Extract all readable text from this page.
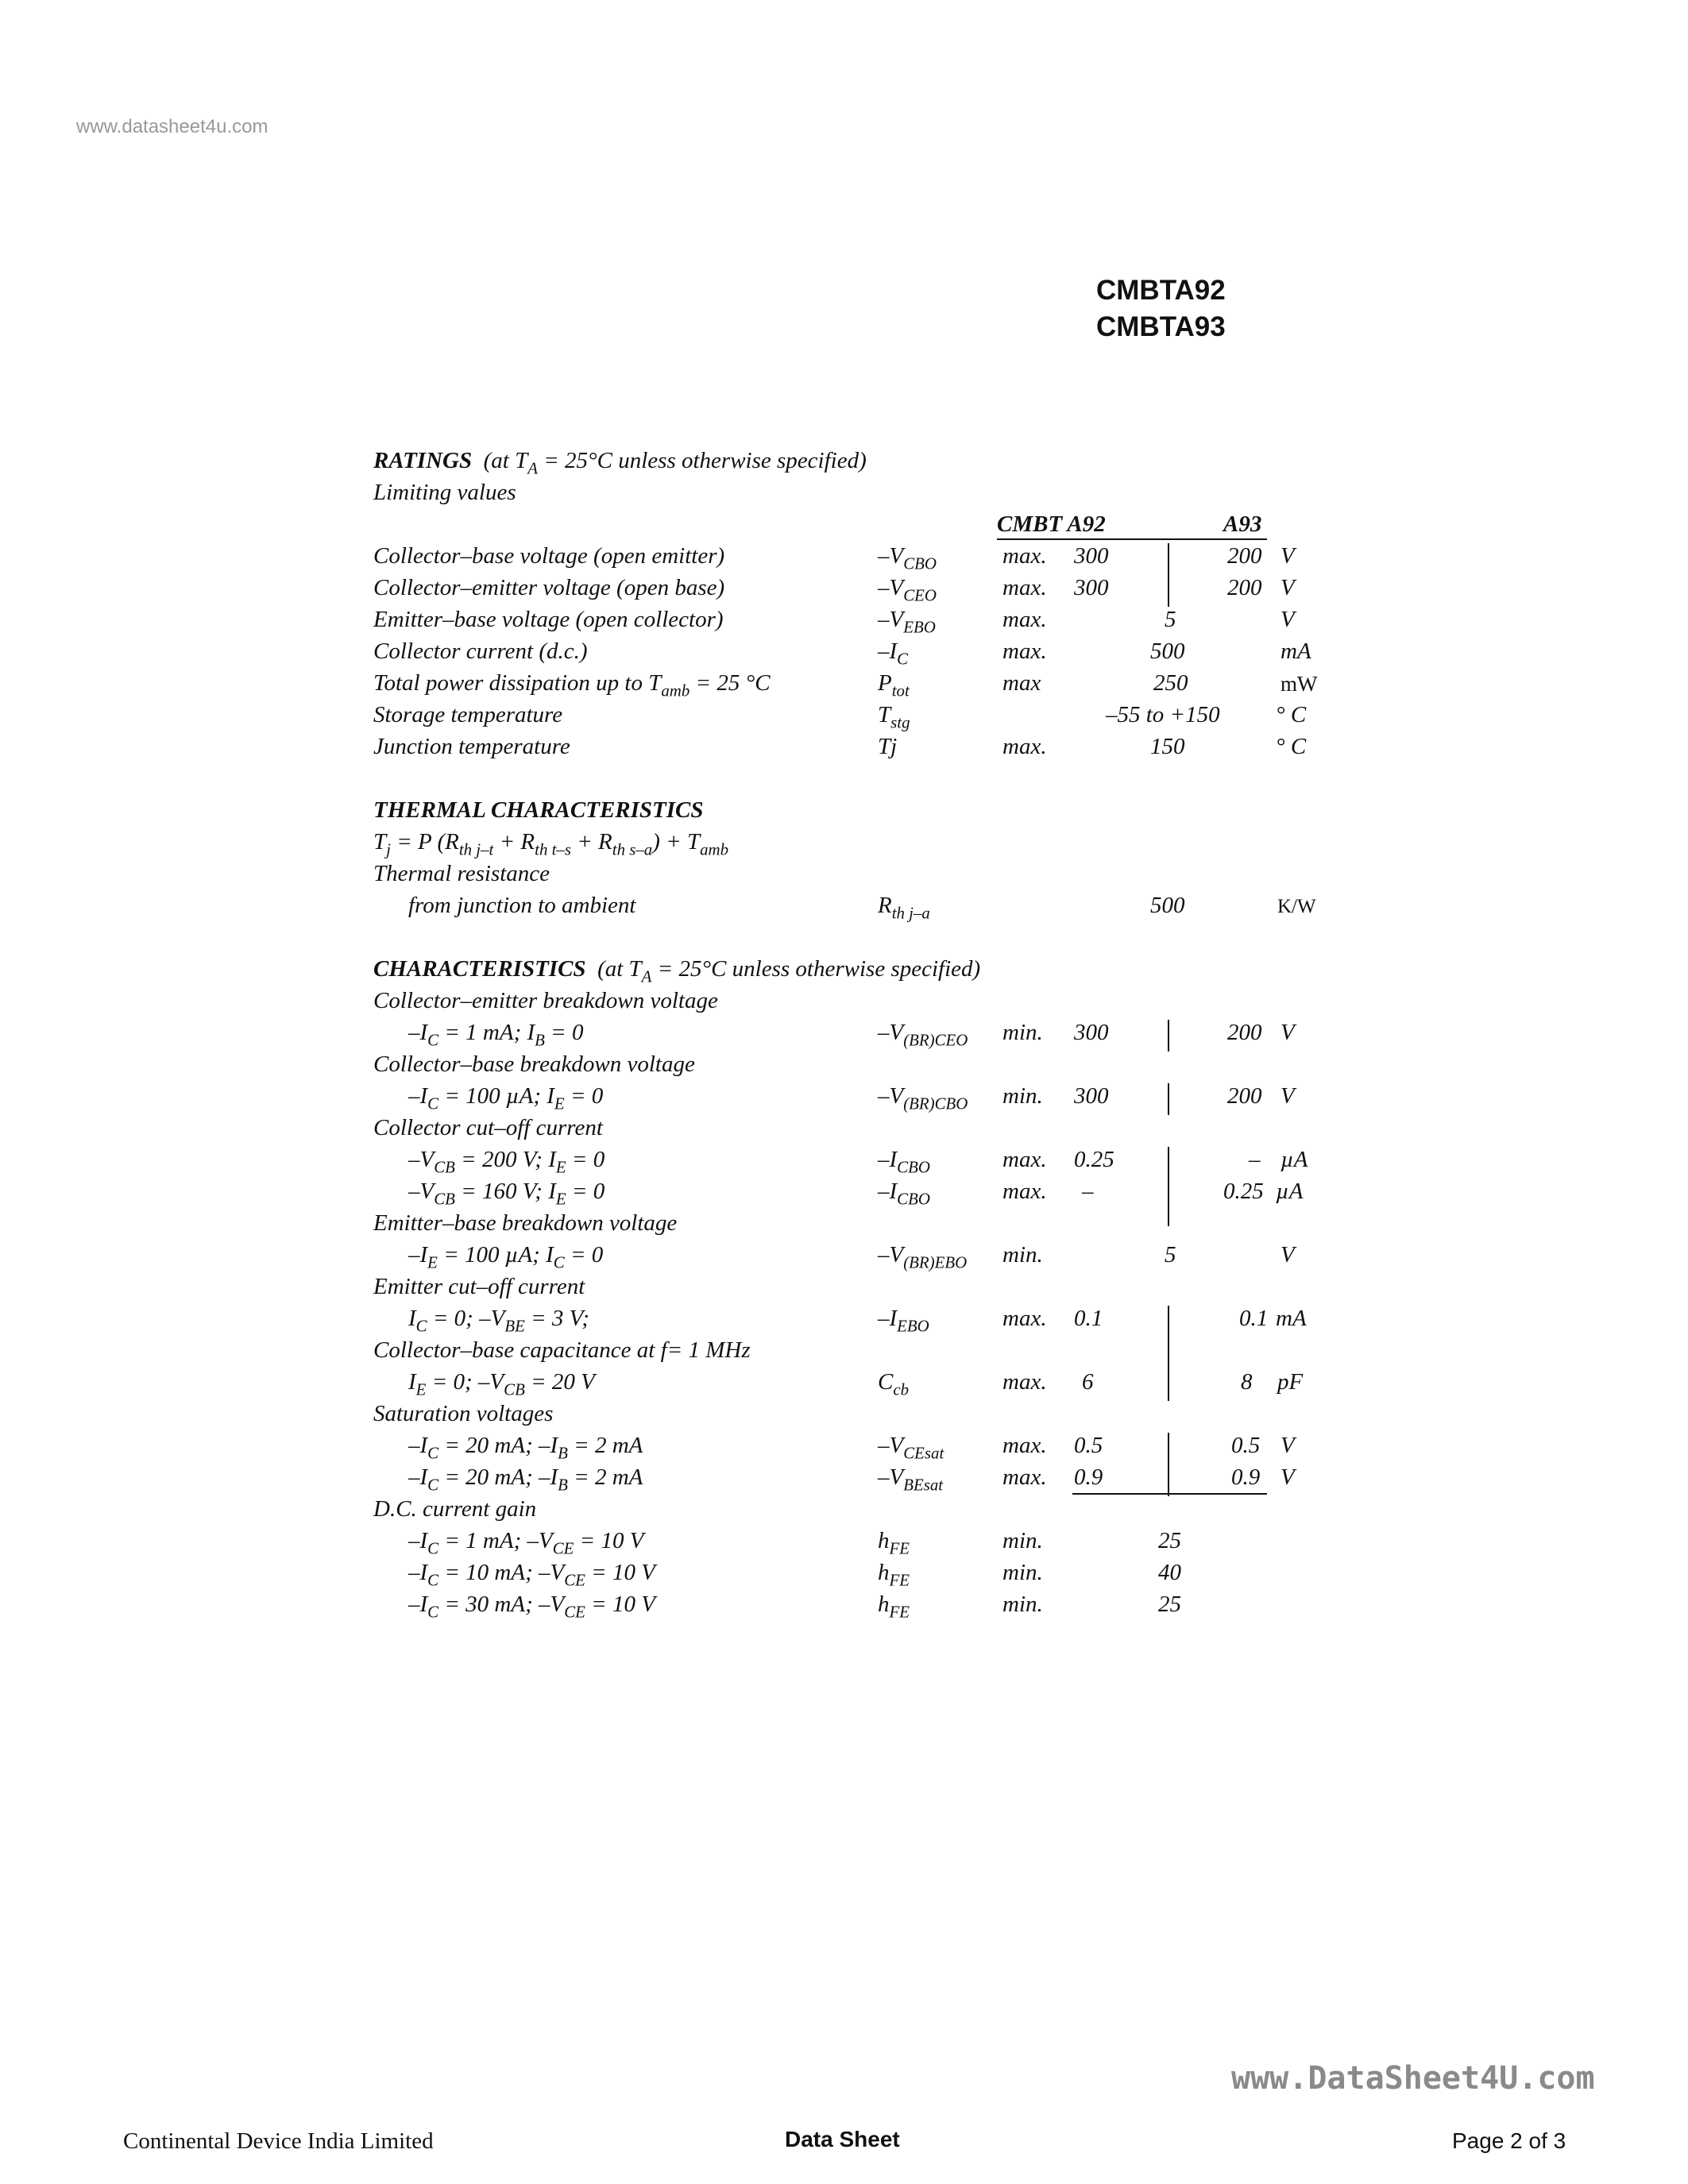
www.datasheet4u.com
CMBTA92
CMBTA93
RATINGS (at $T_A = 25^\circ C$ unless otherwise specified)
Limiting values
CMBT A92	A93
Collector–base voltage (open emitter)	$-V_{CBO}$	max. 300	200 V
Collector–emitter voltage (open base)	$-V_{CEO}$	max. 300	200 V
Emitter–base voltage (open collector)	$-V_{EBO}$	max.	5	V
Collector current (d.c.)	$-I_C$	max.	500	mA
Total power dissipation up to $T_{amb} = 25$ °C	$P_{tot}$	max	250	mW
Storage temperature	$T_{stg}$	–55 to +150 ° C
Junction temperature	Tj	max.	150	° C
THERMAL CHARACTERISTICS
$T_j = P$ $(R_{th j-t} + R_{th t-s} + R_{th s-a}) + T_{amb}$
Thermal resistance
from junction to ambient	$R_{th j-a}$	500	K/W
CHARACTERISTICS (at $T_A = 25^\circ C$ unless otherwise specified)
Collector–emitter breakdown voltage
$-I_C = 1$ mA; $I_B = 0$	$-V_{(BR)CEO}$ min. 300	200 V
Collector–base breakdown voltage
$-I_C = 100$ µA; $I_E = 0$	$-V_{(BR)CBO}$ min. 300	200 V
Collector cut–off current
$-V_{CB} = 200$ V; $I_E = 0$	$-I_{CBO}$	max. 0.25	– µA
$-V_{CB} = 160$ V; $I_E = 0$	$-I_{CBO}$	max. –	0.25 µA
Emitter–base breakdown voltage
$-I_E = 100$ µA; $I_C = 0$	$-V_{(BR)EBO}$ min.	5	V
Emitter cut–off current
$I_C = 0$; $-V_{BE} = 3$ V;	$-I_{EBO}$	max. 0.1	0.1 mA
Collector–base capacitance at f= 1 MHz
$I_E = 0$; $-V_{CB} = 20$ V	$C_{cb}$	max. 6	8 pF
Saturation voltages
$-I_C = 20$ mA; $-I_B = 2$ mA	$-V_{CEsat}$	max. 0.5	0.5 V
$-I_C = 20$ mA; $-I_B = 2$ mA	$-V_{BEsat}$	max. 0.9	0.9 V
D.C. current gain
$-I_C = 1$ mA; $-V_{CE} = 10$ V	$h_{FE}$	min.	25
$-I_C = 10$ mA; $-V_{CE} = 10$ V	$h_{FE}$	min.	40
$-I_C = 30$ mA; $-V_{CE} = 10$ V	$h_{FE}$	min.	25
www.DataSheet4U.com
Continental Device India Limited	Data Sheet	Page 2 of 3
